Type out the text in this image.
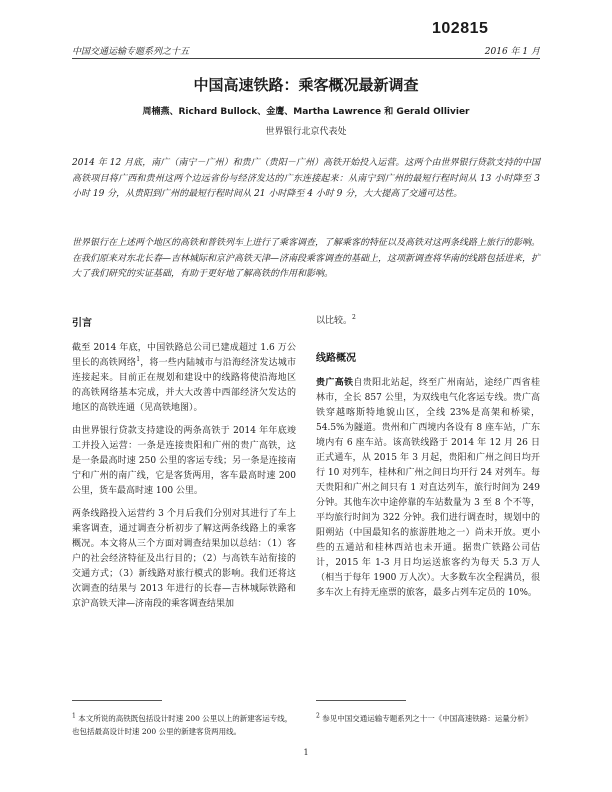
102815
中国交通运输专题系列之十五	2016 年 1 月
中国高速铁路：乘客概况最新调查
周楠燕、Richard Bullock、金鹰、Martha Lawrence 和 Gerald Ollivier
世界银行北京代表处

2014 年 12 月底，南广（南宁－广州）和贵广（贵阳－广州）高铁开始投入运营。这两个由世界银行贷款支持的中国高铁项目将广西和贵州这两个边远省份与经济发达的广东连接起来：从南宁到广州的最短行程时间从 13 小时降至 3 小时 19 分，从贵阳到广州的最短行程时间从 21 小时降至 4 小时 9 分，大大提高了交通可达性。

世界银行在上述两个地区的高铁和普铁列车上进行了乘客调查，了解乘客的特征以及高铁对这两条线路上旅行的影响。在我们原来对东北长春—吉林城际和京沪高铁天津—济南段乘客调查的基础上，这项新调查将华南的线路包括进来，扩大了我们研究的实证基础，有助于更好地了解高铁的作用和影响。

引言

截至 2014 年底，中国铁路总公司已建成超过 1.6 万公里长的高铁网络$^1$，将一些内陆城市与沿海经济发达城市连接起来。目前正在规划和建设中的线路将使沿海地区的高铁网络基本完成，并大大改善中西部经济欠发达的地区的高铁连通（见高铁地图）。

由世界银行贷款支持建设的两条高铁于 2014 年年底竣工并投入运营：一条是连接贵阳和广州的贵广高铁，这是一条最高时速 250 公里的客运专线；另一条是连接南宁和广州的南广线，它是客货两用，客车最高时速 200 公里，货车最高时速 100 公里。

两条线路投入运营约 3 个月后我们分别对其进行了车上乘客调查，通过调查分析初步了解这两条线路上的乘客概况。本文将从三个方面对调查结果加以总结：（1）客户的社会经济特征及出行目的；（2）与高铁车站衔接的交通方式；（3）新线路对旅行模式的影响。我们还将这次调查的结果与 2013 年进行的长春—吉林城际铁路和京沪高铁天津—济南段的乘客调查结果加

以比较。$^2$

线路概况

贵广高铁自贵阳北站起，终至广州南站，途经广西省桂林市，全长 857 公里，为双线电气化客运专线。贵广高铁穿越喀斯特地貌山区，全线 23%是高架和桥梁，54.5%为隧道。贵州和广西境内各设有 8 座车站，广东境内有 6 座车站。该高铁线路于 2014 年 12 月 26 日正式通车，从 2015 年 3 月起，贵阳和广州之间日均开行 10 对列车，桂林和广州之间日均开行 24 对列车。每天贵阳和广州之间只有 1 对直达列车，旅行时间为 249 分钟。其他车次中途停靠的车站数量为 3 至 8 个不等，平均旅行时间为 322 分钟。我们进行调查时，规划中的阳朔站（中国最知名的旅游胜地之一）尚未开放。更小些的五通站和桂林西站也未开通。据贵广铁路公司估计，2015 年 1-3 月日均运送旅客约为每天 5.3 万人（相当于每年 1900 万人次）。大多数车次全程满员，很多车次上有持无座票的旅客，最多占列车定员的 10%。

$^1$ 本文所说的高铁既包括设计时速 200 公里以上的新建客运专线，也包括最高设计时速 200 公里的新建客货两用线。

$^2$ 参见中国交通运输专题系列之十一《中国高速铁路：运量分析》

1
